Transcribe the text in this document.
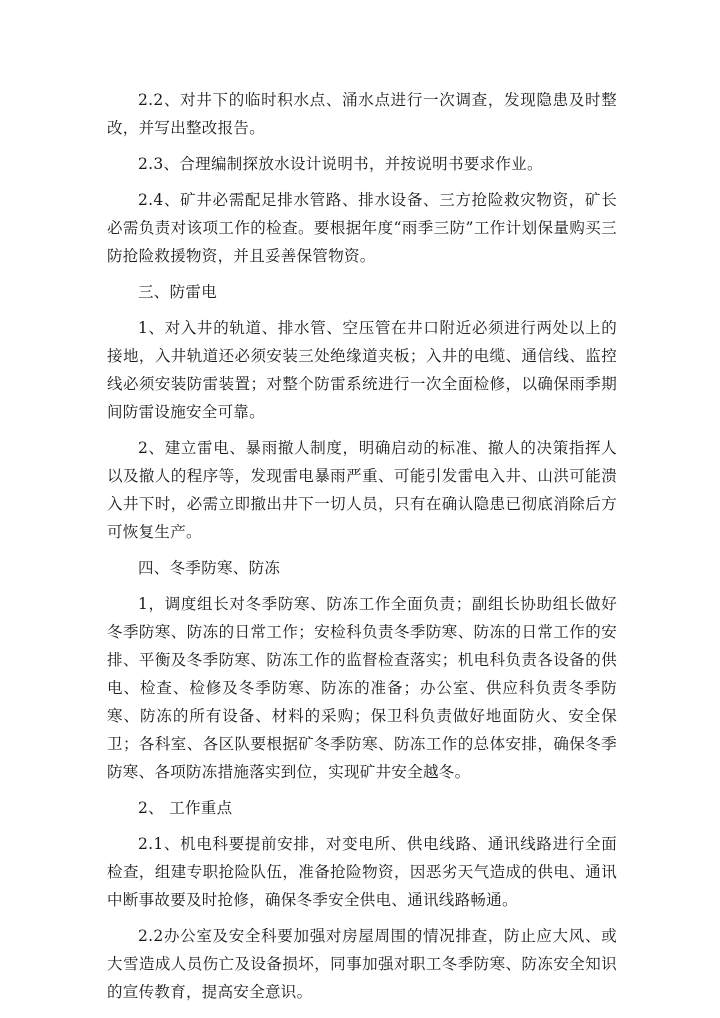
2.2、对井下的临时积水点、涌水点进行一次调查，发现隐患及时整改，并写出整改报告。

2.3、合理编制探放水设计说明书，并按说明书要求作业。

2.4、矿井必需配足排水管路、排水设备、三方抢险救灾物资，矿长必需负责对该项工作的检查。要根据年度“雨季三防”工作计划保量购买三防抢险救援物资，并且妥善保管物资。

三、防雷电

1、对入井的轨道、排水管、空压管在井口附近必须进行两处以上的接地，入井轨道还必须安装三处绝缘道夹板；入井的电缆、通信线、监控线必须安装防雷装置；对整个防雷系统进行一次全面检修，以确保雨季期间防雷设施安全可靠。

2、建立雷电、暴雨撤人制度，明确启动的标准、撤人的决策指挥人以及撤人的程序等，发现雷电暴雨严重、可能引发雷电入井、山洪可能溃入井下时，必需立即撤出井下一切人员，只有在确认隐患已彻底消除后方可恢复生产。

四、冬季防寒、防冻

1，调度组长对冬季防寒、防冻工作全面负责；副组长协助组长做好冬季防寒、防冻的日常工作；安检科负责冬季防寒、防冻的日常工作的安排、平衡及冬季防寒、防冻工作的监督检查落实；机电科负责各设备的供电、检查、检修及冬季防寒、防冻的准备；办公室、供应科负责冬季防寒、防冻的所有设备、材料的采购；保卫科负责做好地面防火、安全保卫；各科室、各区队要根据矿冬季防寒、防冻工作的总体安排，确保冬季防寒、各项防冻措施落实到位，实现矿井安全越冬。

2、 工作重点

2.1、机电科要提前安排，对变电所、供电线路、通讯线路进行全面检查，组建专职抢险队伍，准备抢险物资，因恶劣天气造成的供电、通讯中断事故要及时抢修，确保冬季安全供电、通讯线路畅通。

2.2办公室及安全科要加强对房屋周围的情况排查，防止应大风、或大雪造成人员伤亡及设备损坏，同事加强对职工冬季防寒、防冻安全知识的宣传教育，提高安全意识。
